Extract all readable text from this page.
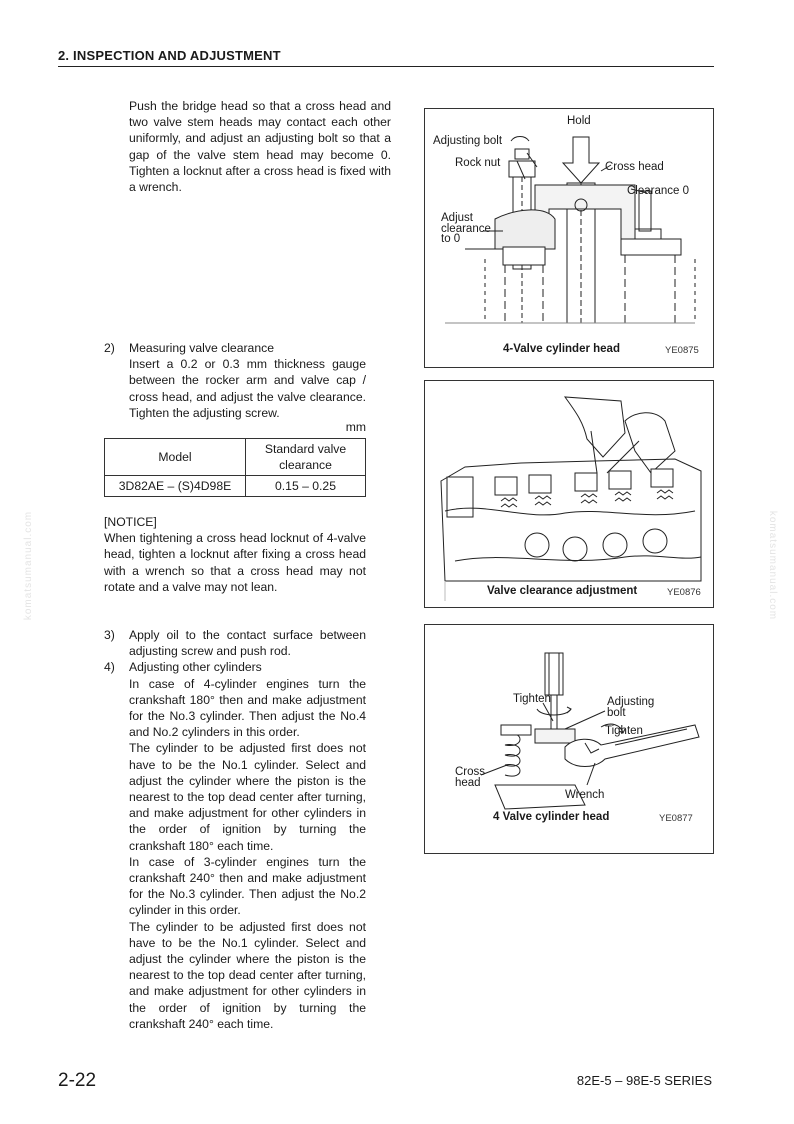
2. INSPECTION AND ADJUSTMENT
Push the bridge head so that a cross head and two valve stem heads may contact each other uniformly, and adjust an adjusting bolt so that a gap of the valve stem head may become 0. Tighten a locknut after a cross head is fixed with a wrench.
2) Measuring valve clearance
Insert a 0.2 or 0.3 mm thickness gauge between the rocker arm and valve cap / cross head, and adjust the valve clearance. Tighten the adjusting screw.
mm
Model	Standard valve clearance
3D82AE – (S)4D98E	0.15 – 0.25
[NOTICE]
When tightening a cross head locknut of 4-valve head, tighten a locknut after fixing a cross head with a wrench so that a cross head may not rotate and a valve may not lean.
3) Apply oil to the contact surface between adjusting screw and push rod.
4) Adjusting other cylinders
In case of 4-cylinder engines turn the crankshaft 180° then and make adjustment for the No.3 cylinder. Then adjust the No.4 and No.2 cylinders in this order.
The cylinder to be adjusted first does not have to be the No.1 cylinder. Select and adjust the cylinder where the piston is the nearest to the top dead center after turning, and make adjustment for other cylinders in the order of ignition by turning the crankshaft 180° each time.
In case of 3-cylinder engines turn the crankshaft 240° then and make adjustment for the No.3 cylinder. Then adjust the No.2 cylinder in this order.
The cylinder to be adjusted first does not have to be the No.1 cylinder. Select and adjust the cylinder where the piston is the nearest to the top dead center after turning, and make adjustment for other cylinders in the order of ignition by turning the crankshaft 240° each time.
Hold
Adjusting bolt
Rock nut	Cross head
Clearance 0
Adjust
clearance
to 0
4-Valve cylinder head	YE0875
Valve clearance adjustment	YE0876
Tighten	Adjusting
bolt
Tighten
Cross
head
Wrench
4 Valve cylinder head	YE0877
komatsumanual.com	komatsumanual.com
2-22	82E-5 – 98E-5 SERIES
